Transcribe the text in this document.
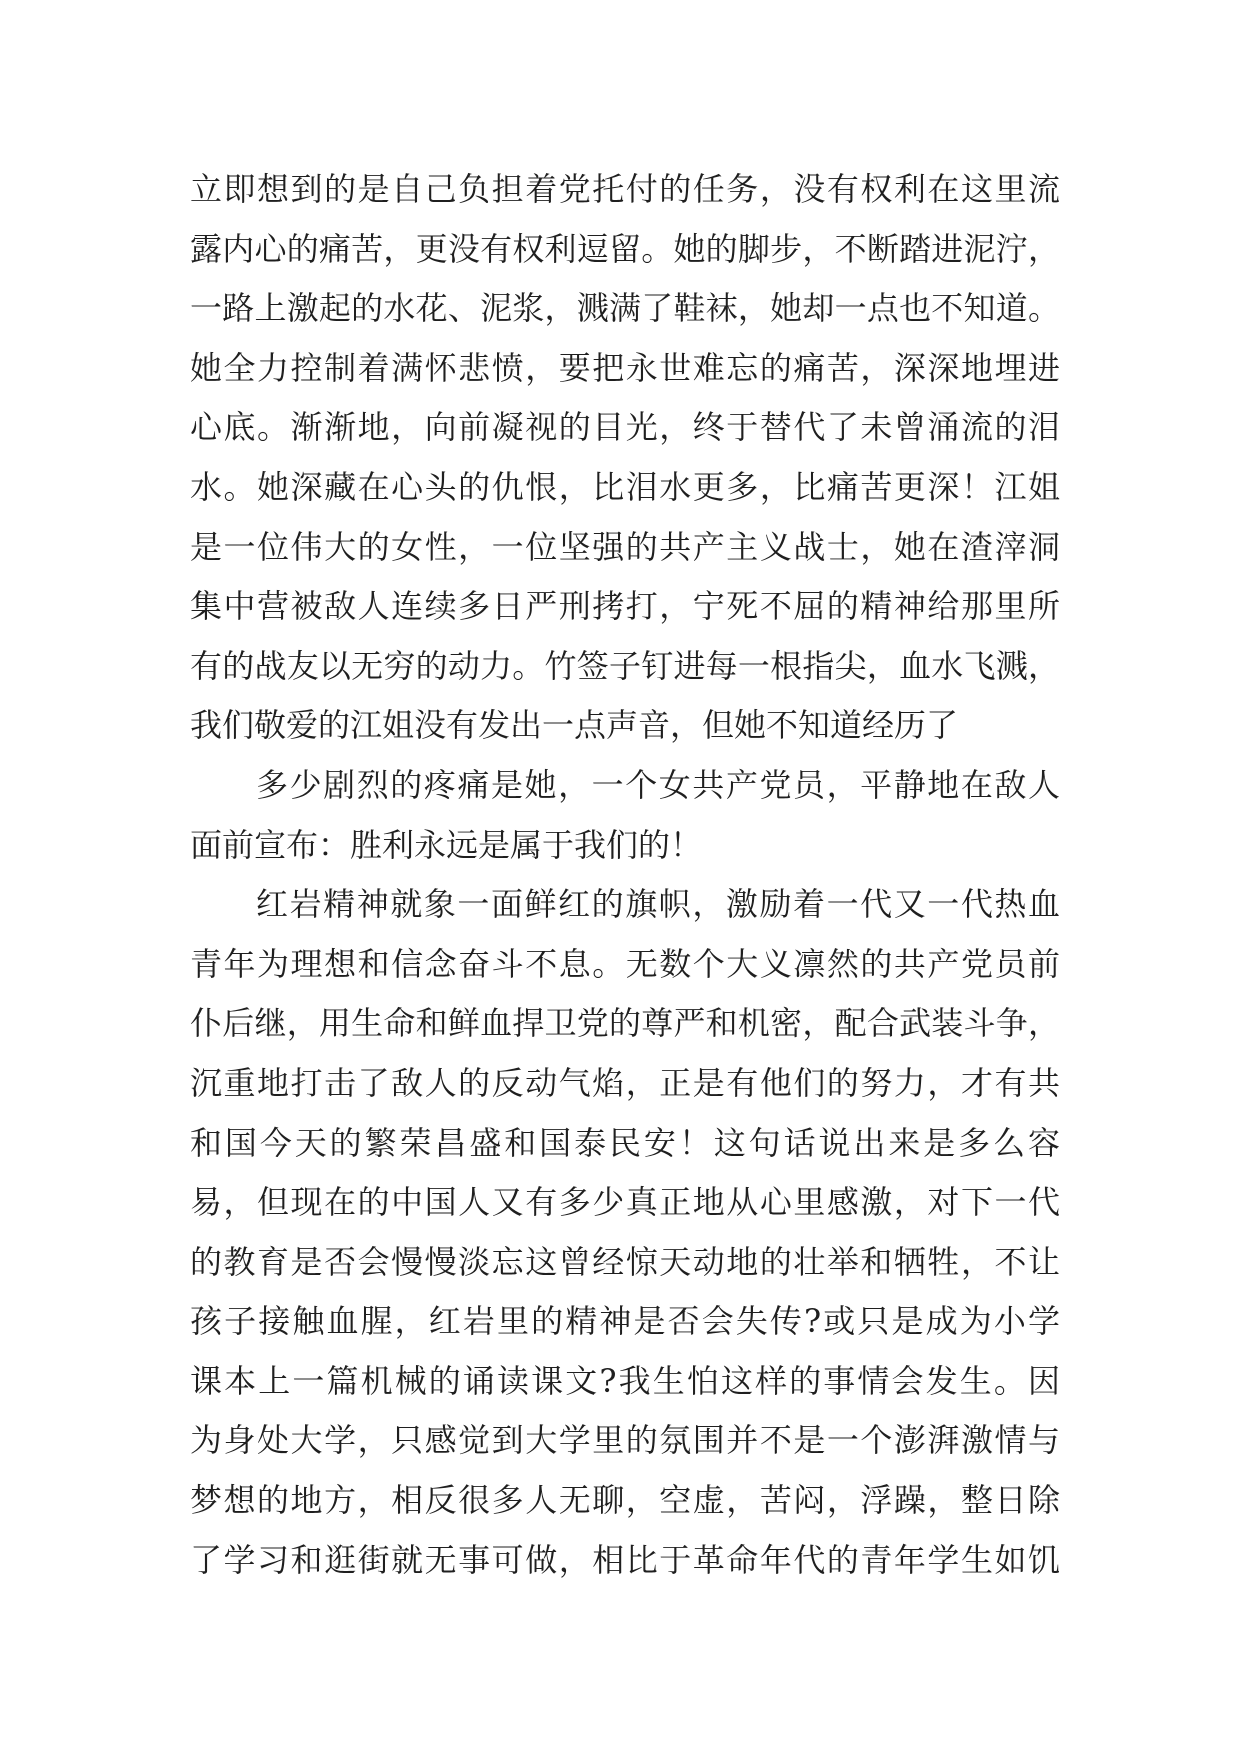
立即想到的是自己负担着党托付的任务，没有权利在这里流
露内心的痛苦，更没有权利逗留。她的脚步，不断踏进泥泞，
一路上激起的水花、泥浆，溅满了鞋袜，她却一点也不知道。
她全力控制着满怀悲愤，要把永世难忘的痛苦，深深地埋进
心底。渐渐地，向前凝视的目光，终于替代了未曾涌流的泪
水。她深藏在心头的仇恨，比泪水更多，比痛苦更深！江姐
是一位伟大的女性，一位坚强的共产主义战士，她在渣滓洞
集中营被敌人连续多日严刑拷打，宁死不屈的精神给那里所
有的战友以无穷的动力。竹签子钉进每一根指尖，血水飞溅，
我们敬爱的江姐没有发出一点声音，但她不知道经历了
多少剧烈的疼痛是她，一个女共产党员，平静地在敌人
面前宣布：胜利永远是属于我们的！
红岩精神就象一面鲜红的旗帜，激励着一代又一代热血
青年为理想和信念奋斗不息。无数个大义凛然的共产党员前
仆后继，用生命和鲜血捍卫党的尊严和机密，配合武装斗争，
沉重地打击了敌人的反动气焰，正是有他们的努力，才有共
和国今天的繁荣昌盛和国泰民安！这句话说出来是多么容
易，但现在的中国人又有多少真正地从心里感激，对下一代
的教育是否会慢慢淡忘这曾经惊天动地的壮举和牺牲，不让
孩子接触血腥，红岩里的精神是否会失传?或只是成为小学
课本上一篇机械的诵读课文?我生怕这样的事情会发生。因
为身处大学，只感觉到大学里的氛围并不是一个澎湃激情与
梦想的地方，相反很多人无聊，空虚，苦闷，浮躁，整日除
了学习和逛街就无事可做，相比于革命年代的青年学生如饥
